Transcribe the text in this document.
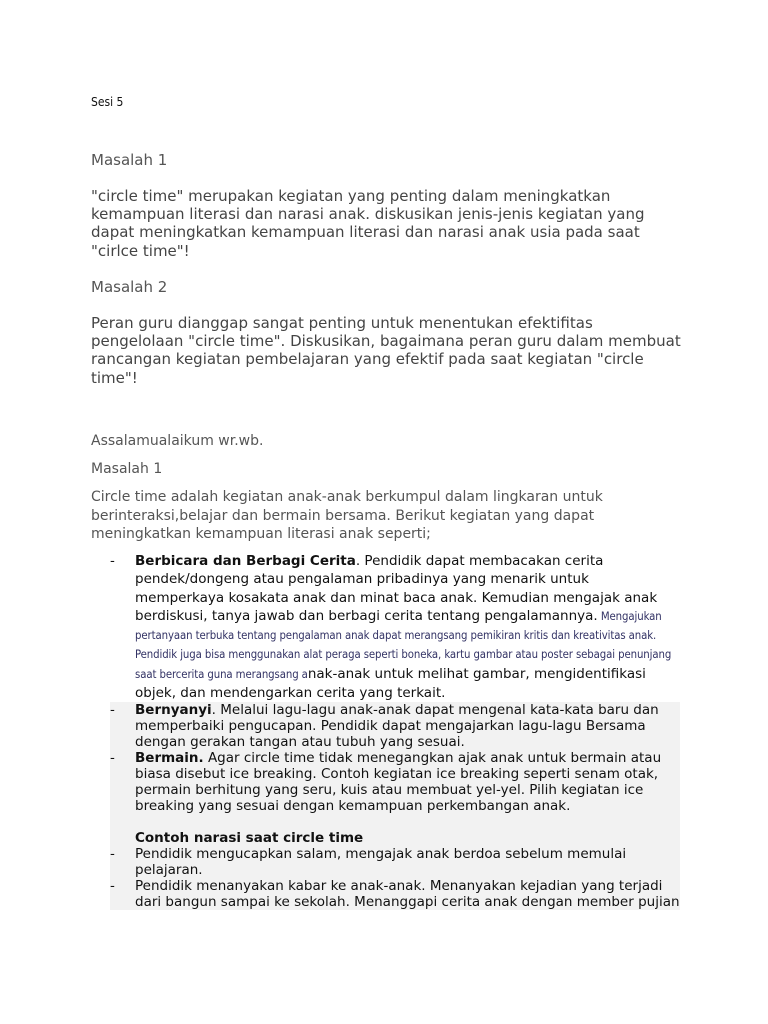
Sesi 5
Masalah 1
"circle time" merupakan kegiatan yang penting dalam meningkatkan kemampuan literasi dan narasi anak. diskusikan jenis-jenis kegiatan yang dapat meningkatkan kemampuan literasi dan narasi anak usia pada saat "cirlce time"!
Masalah 2
Peran guru dianggap sangat penting untuk menentukan efektifitas pengelolaan "circle time". Diskusikan, bagaimana peran guru dalam membuat rancangan kegiatan pembelajaran yang efektif pada saat kegiatan "circle time"!
Assalamualaikum wr.wb.
Masalah 1
Circle time adalah kegiatan anak-anak berkumpul dalam lingkaran untuk berinteraksi,belajar dan bermain bersama. Berikut kegiatan yang dapat meningkatkan kemampuan literasi anak seperti;
- Berbicara dan Berbagi Cerita. Pendidik dapat membacakan cerita pendek/dongeng atau pengalaman pribadinya yang menarik untuk memperkaya kosakata anak dan minat baca anak. Kemudian mengajak anak berdiskusi, tanya jawab dan berbagi cerita tentang pengalamannya. Mengajukan pertanyaan terbuka tentang pengalaman anak dapat merangsang pemikiran kritis dan kreativitas anak. Pendidik juga bisa menggunakan alat peraga seperti boneka, kartu gambar atau poster sebagai penunjang saat bercerita guna merangsang anak-anak untuk melihat gambar, mengidentifikasi objek, dan mendengarkan cerita yang terkait.
- Bernyanyi. Melalui lagu-lagu anak-anak dapat mengenal kata-kata baru dan memperbaiki pengucapan. Pendidik dapat mengajarkan lagu-lagu Bersama dengan gerakan tangan atau tubuh yang sesuai.
- Bermain. Agar circle time tidak menegangkan ajak anak untuk bermain atau biasa disebut ice breaking. Contoh kegiatan ice breaking seperti senam otak, permain berhitung yang seru, kuis atau membuat yel-yel. Pilih kegiatan ice breaking yang sesuai dengan kemampuan perkembangan anak.
Contoh narasi saat circle time
- Pendidik mengucapkan salam, mengajak anak berdoa sebelum memulai pelajaran.
- Pendidik menanyakan kabar ke anak-anak. Menanyakan kejadian yang terjadi dari bangun sampai ke sekolah. Menanggapi cerita anak dengan member pujian
